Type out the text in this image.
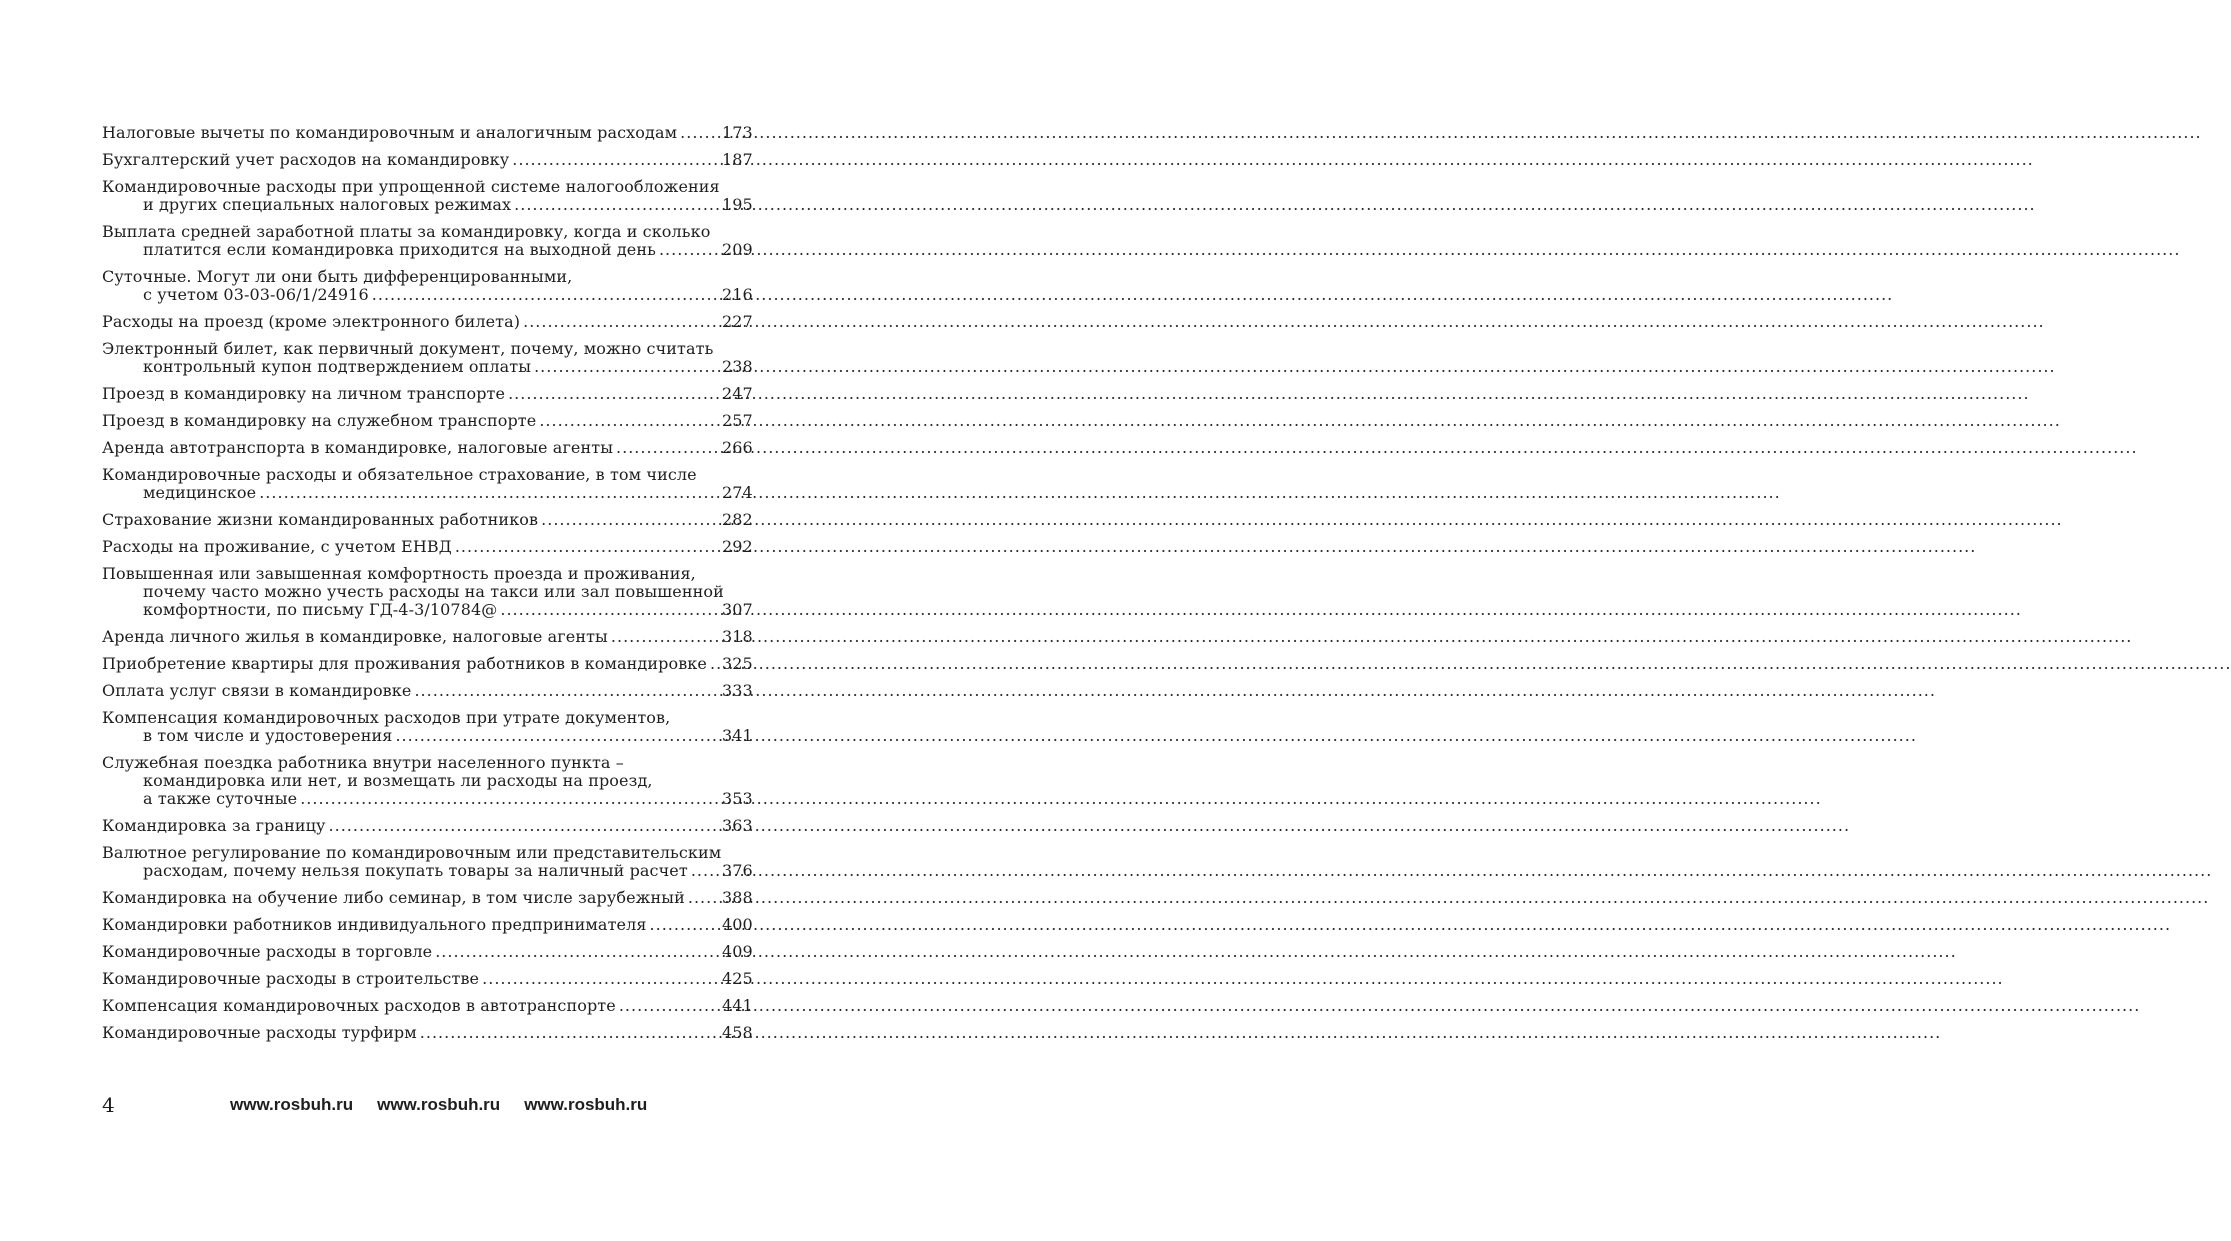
Налоговые вычеты по командировочным и аналогичным расходам .....	173
Бухгалтерский учет расходов на командировку .....	187
Командировочные расходы при упрощенной системе налогообложения
и других специальных налоговых режимах .....	195
Выплата средней заработной платы за командировку, когда и сколько
платится если командировка приходится на выходной день .....	209
Суточные. Могут ли они быть дифференцированными,
с учетом 03-03-06/1/24916 .....	216
Расходы на проезд (кроме электронного билета) .....	227
Электронный билет, как первичный документ, почему, можно считать
контрольный купон подтверждением оплаты .....	238
Проезд в командировку на личном транспорте .....	247
Проезд в командировку на служебном транспорте .....	257
Аренда автотранспорта в командировке, налоговые агенты .....	266
Командировочные расходы и обязательное страхование, в том числе
медицинское .....	274
Страхование жизни командированных работников .....	282
Расходы на проживание, с учетом ЕНВД .....	292
Повышенная или завышенная комфортность проезда и проживания,
почему часто можно учесть расходы на такси или зал повышенной
комфортности, по письму ГД-4-3/10784@ .....	307
Аренда личного жилья в командировке, налоговые агенты .....	318
Приобретение квартиры для проживания работников в командировке ..... 325
Оплата услуг связи в командировке .....	333
Компенсация командировочных расходов при утрате документов,
в том числе и удостоверения .....	341
Служебная поездка работника внутри населенного пункта –
командировка или нет, и возмещать ли расходы на проезд,
а также суточные .....	353
Командировка за границу .....	363
Валютное регулирование по командировочным или представительским
расходам, почему нельзя покупать товары за наличный расчет ..... 376
Командировка на обучение либо семинар, в том числе зарубежный ..... 388
Командировки работников индивидуального предпринимателя .....	400
Командировочные расходы в торговле .....	409
Командировочные расходы в строительстве .....	425
Компенсация командировочных расходов в автотранспорте .....	441
Командировочные расходы турфирм .....	458
4	www.rosbuh.ru www.rosbuh.ru www.rosbuh.ru
